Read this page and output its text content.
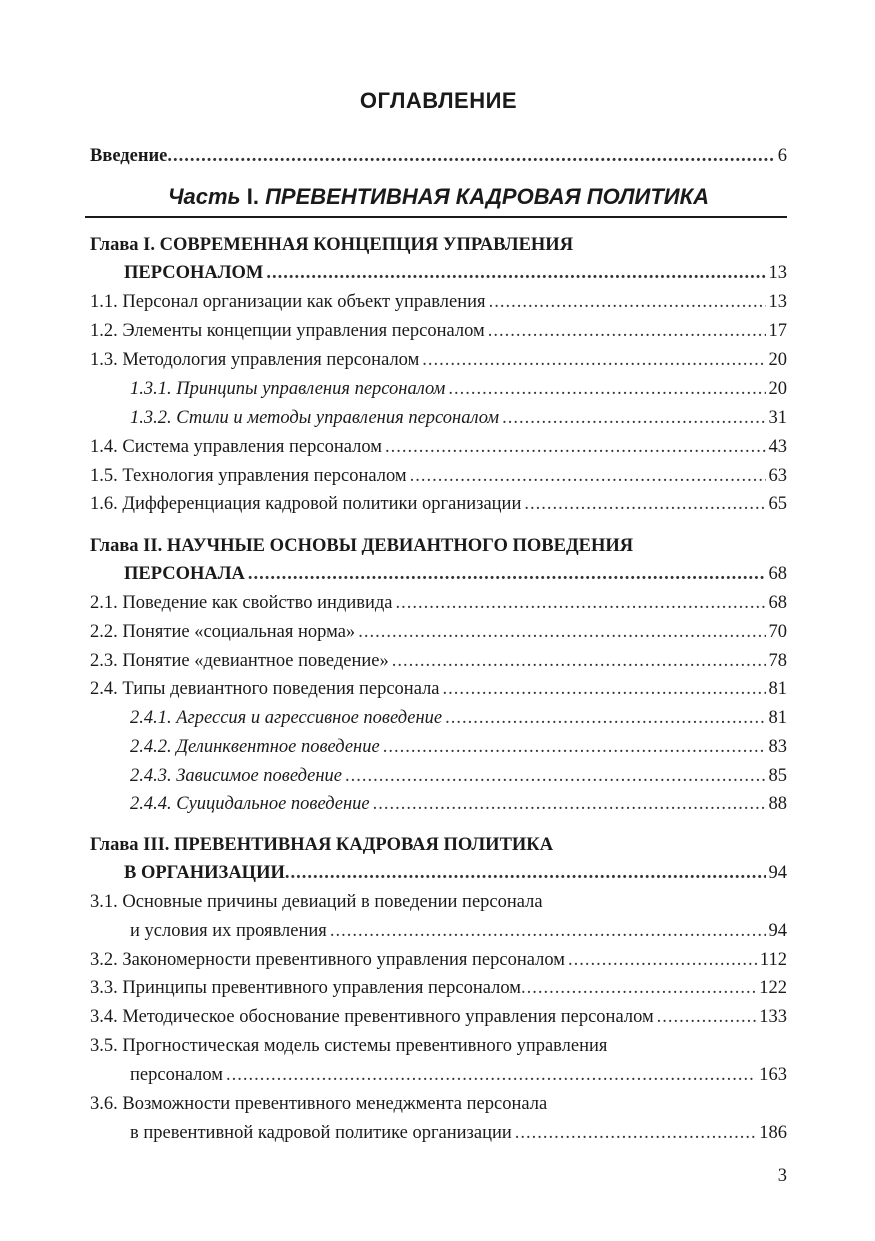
ОГЛАВЛЕНИЕ
Введение .....	6
Часть I. ПРЕВЕНТИВНАЯ КАДРОВАЯ ПОЛИТИКА
Глава I. СОВРЕМЕННАЯ КОНЦЕПЦИЯ УПРАВЛЕНИЯ
ПЕРСОНАЛОМ .....	13
1.1. Персонал организации как объект управления .....	13
1.2. Элементы концепции управления персоналом .....	17
1.3. Методология управления персоналом .....	20
1.3.1. Принципы управления персоналом .....	20
1.3.2. Стили и методы управления персоналом .....	31
1.4. Система управления персоналом .....	43
1.5. Технология управления персоналом .....	63
1.6. Дифференциация кадровой политики организации .....	65
Глава II. НАУЧНЫЕ ОСНОВЫ ДЕВИАНТНОГО ПОВЕДЕНИЯ
ПЕРСОНАЛА .....	68
2.1. Поведение как свойство индивида .....	68
2.2. Понятие «социальная норма» .....	70
2.3. Понятие «девиантное поведение» .....	78
2.4. Типы девиантного поведения персонала .....	81
2.4.1. Агрессия и агрессивное поведение .....	81
2.4.2. Делинквентное поведение .....	83
2.4.3. Зависимое поведение .....	85
2.4.4. Суицидальное поведение .....	88
Глава III. ПРЕВЕНТИВНАЯ КАДРОВАЯ ПОЛИТИКА
В ОРГАНИЗАЦИИ .....	94
3.1. Основные причины девиаций в поведении персонала
и условия их проявления .....	94
3.2. Закономерности превентивного управления персоналом .....	112
3.3. Принципы превентивного управления персоналом .....	122
3.4. Методическое обоснование превентивного управления персоналом .....	133
3.5. Прогностическая модель системы превентивного управления
персоналом .....	163
3.6. Возможности превентивного менеджмента персонала
в превентивной кадровой политике организации .....	186
3
